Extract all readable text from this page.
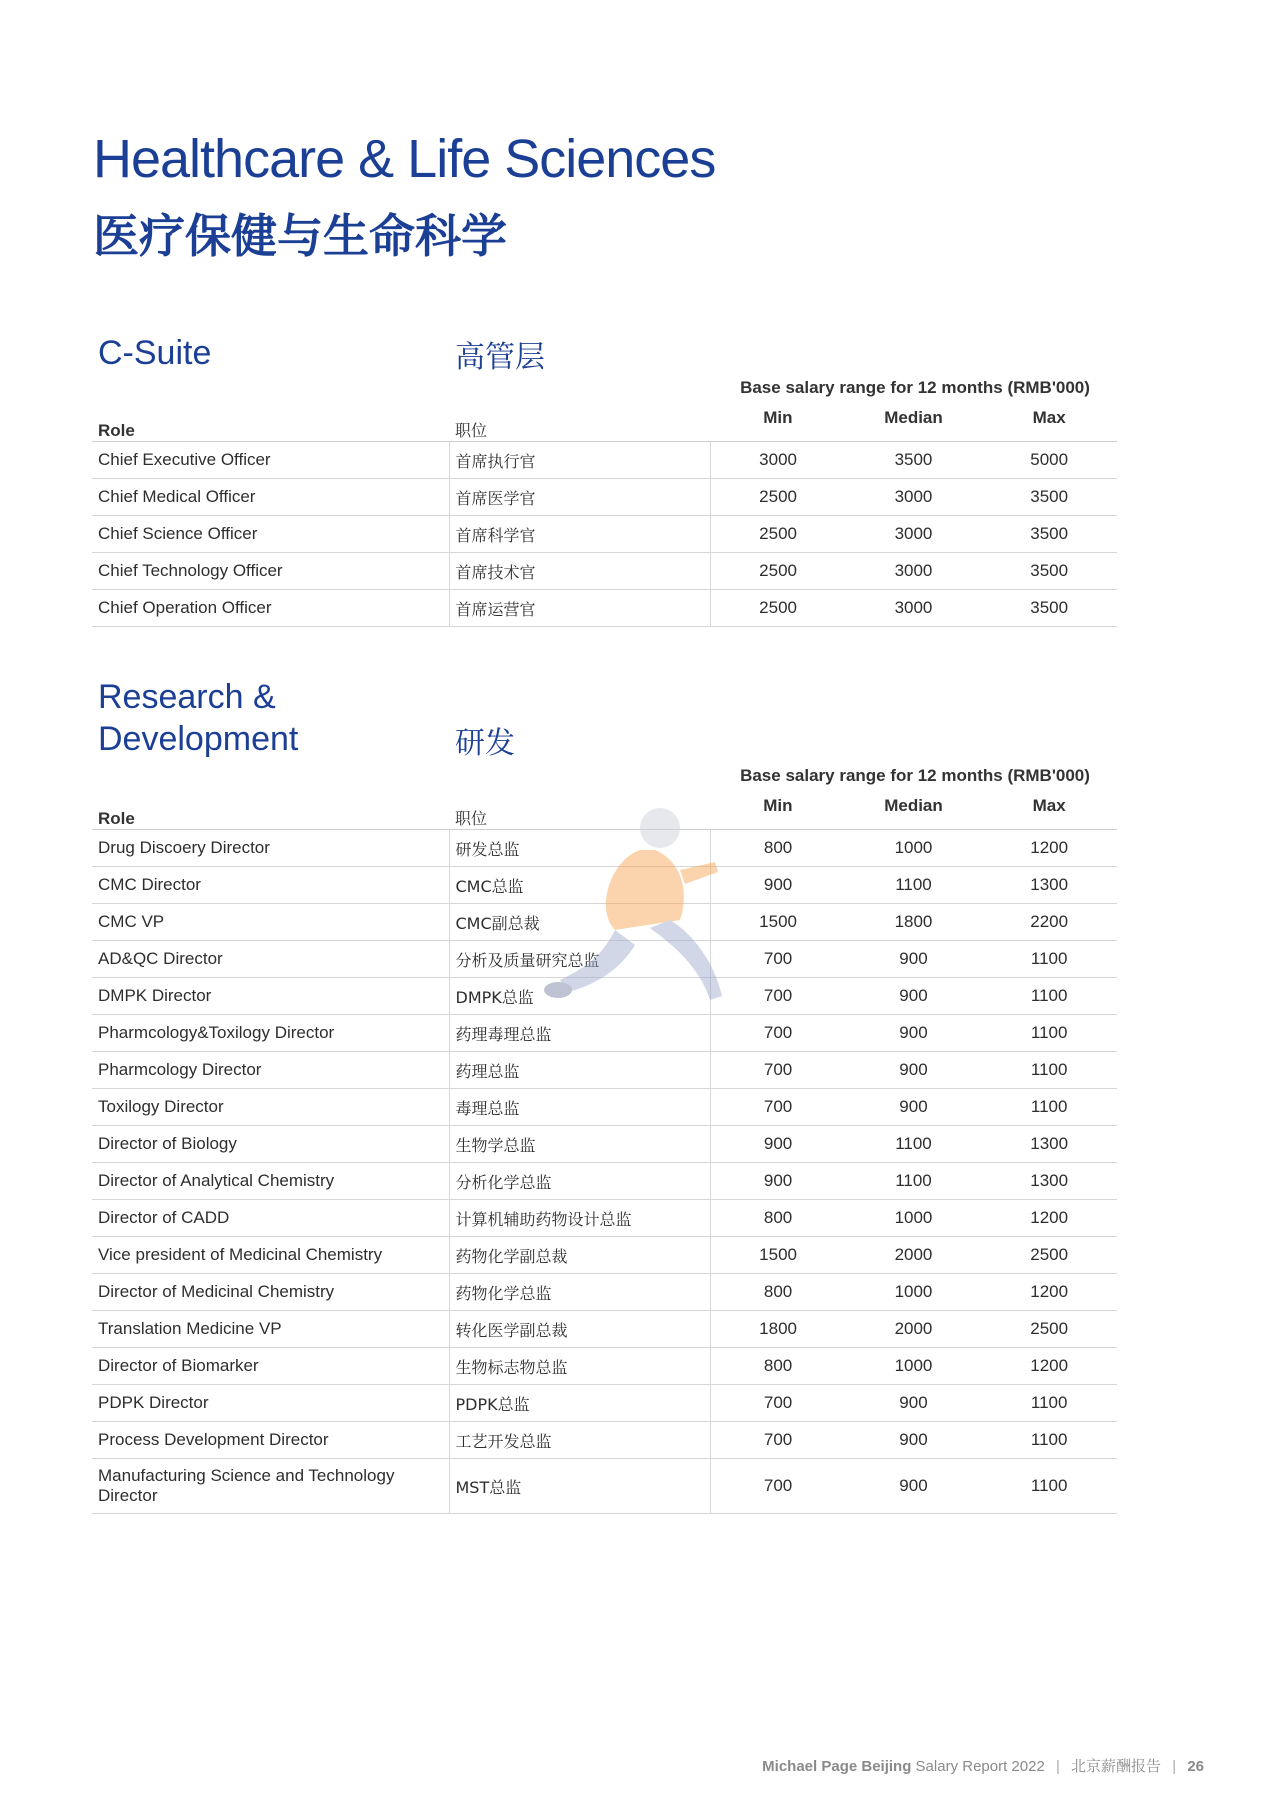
Healthcare & Life Sciences
医疗保健与生命科学
C-Suite	高管层
Base salary range for 12 months (RMB'000)
Role	职位	Min	Median	Max
Chief Executive Officer	首席执行官	3000	3500	5000
Chief Medical Officer	首席医学官	2500	3000	3500
Chief Science Officer	首席科学官	2500	3000	3500
Chief Technology Officer	首席技术官	2500	3000	3500
Chief Operation Officer	首席运营官	2500	3000	3500
Research &
Development	研发
Base salary range for 12 months (RMB'000)
Role	职位	Min	Median	Max
Drug Discoery Director	研发总监	800	1000	1200
CMC Director	CMC总监	900	1100	1300
CMC VP	CMC副总裁	1500	1800	2200
AD&QC Director	分析及质量研究总监	700	900	1100
DMPK Director	DMPK总监	700	900	1100
Pharmcology&Toxilogy Director	药理毒理总监	700	900	1100
Pharmcology Director	药理总监	700	900	1100
Toxilogy Director	毒理总监	700	900	1100
Director of Biology	生物学总监	900	1100	1300
Director of Analytical Chemistry	分析化学总监	900	1100	1300
Director of CADD	计算机辅助药物设计总监	800	1000	1200
Vice president of Medicinal Chemistry	药物化学副总裁	1500	2000	2500
Director of Medicinal Chemistry	药物化学总监	800	1000	1200
Translation Medicine VP	转化医学副总裁	1800	2000	2500
Director of Biomarker	生物标志物总监	800	1000	1200
PDPK Director	PDPK总监	700	900	1100
Process Development Director	工艺开发总监	700	900	1100
Manufacturing Science and Technology Director	MST总监	700	900	1100
Michael Page Beijing Salary Report 2022 | 北京薪酬报告 | 26
